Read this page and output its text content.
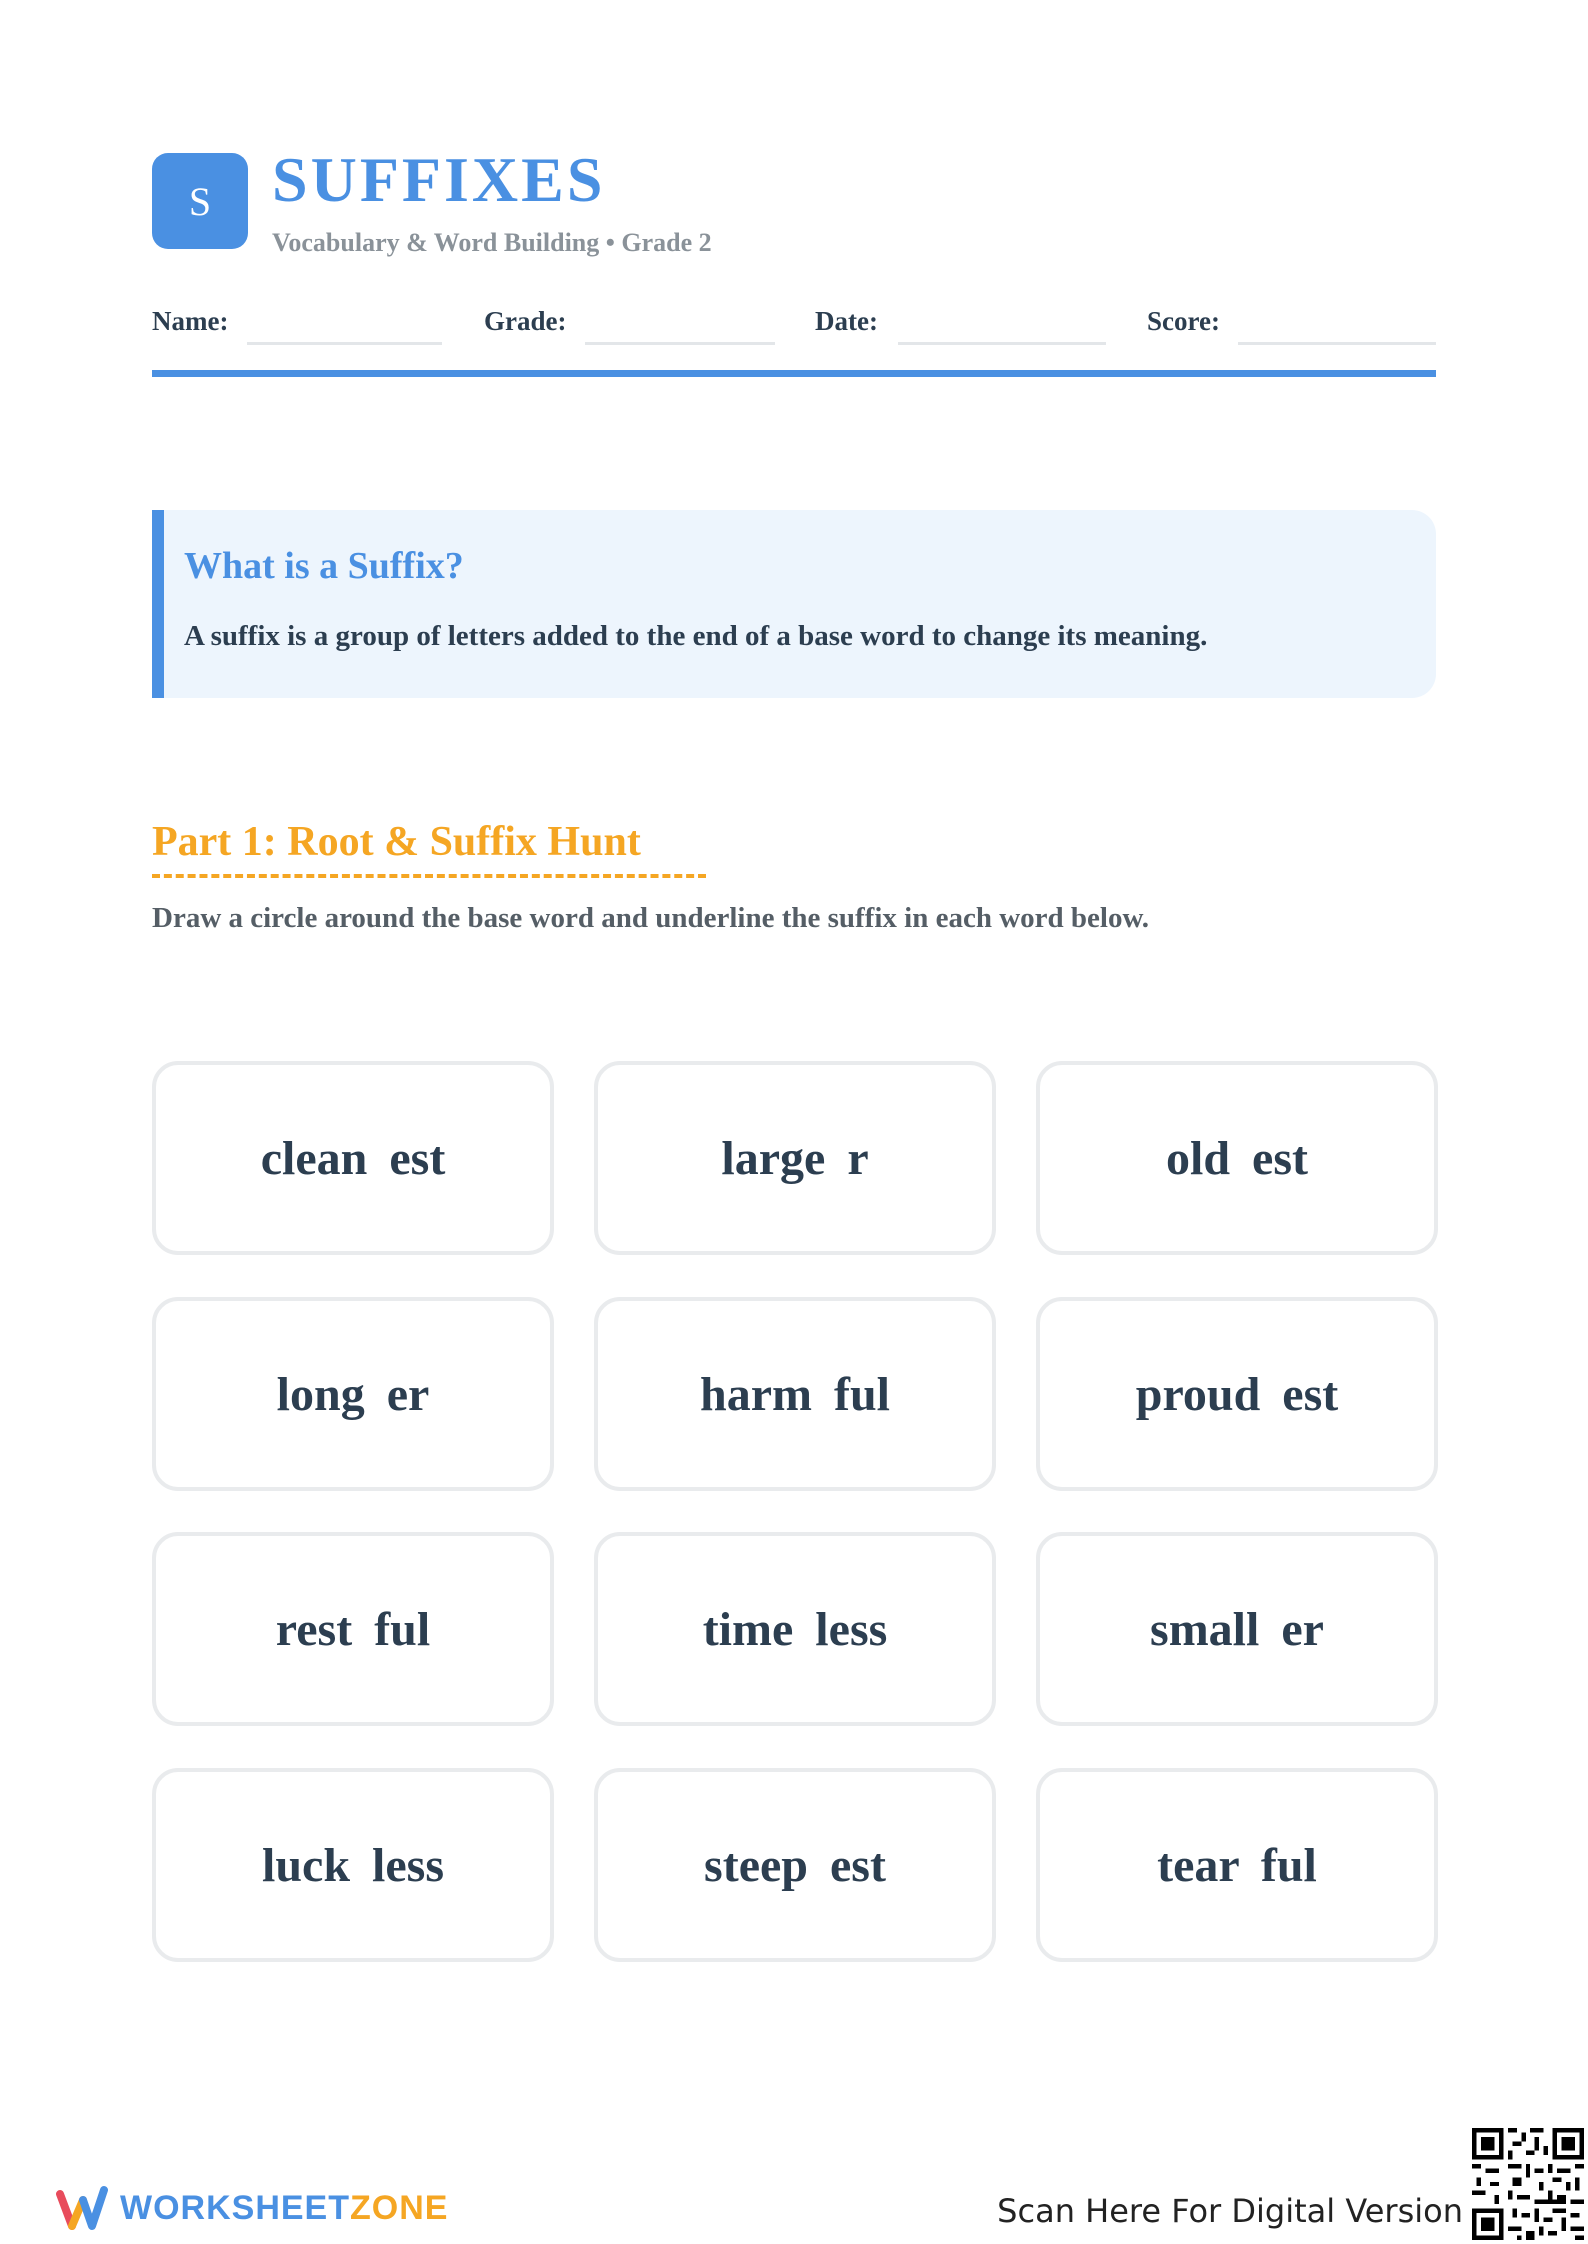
S SUFFIXES
Vocabulary & Word Building • Grade 2
Name:	Grade:	Date:	Score:
What is a Suffix?
A suffix is a group of letters added to the end of a base word to change its meaning.
Part 1: Root & Suffix Hunt
Draw a circle around the base word and underline the suffix in each word below.
clean est	large r	old est
long er	harm ful	proud est
rest ful	time less	small er
luck less	steep est	tear ful
WORKSHEETZONE	Scan Here For Digital Version
